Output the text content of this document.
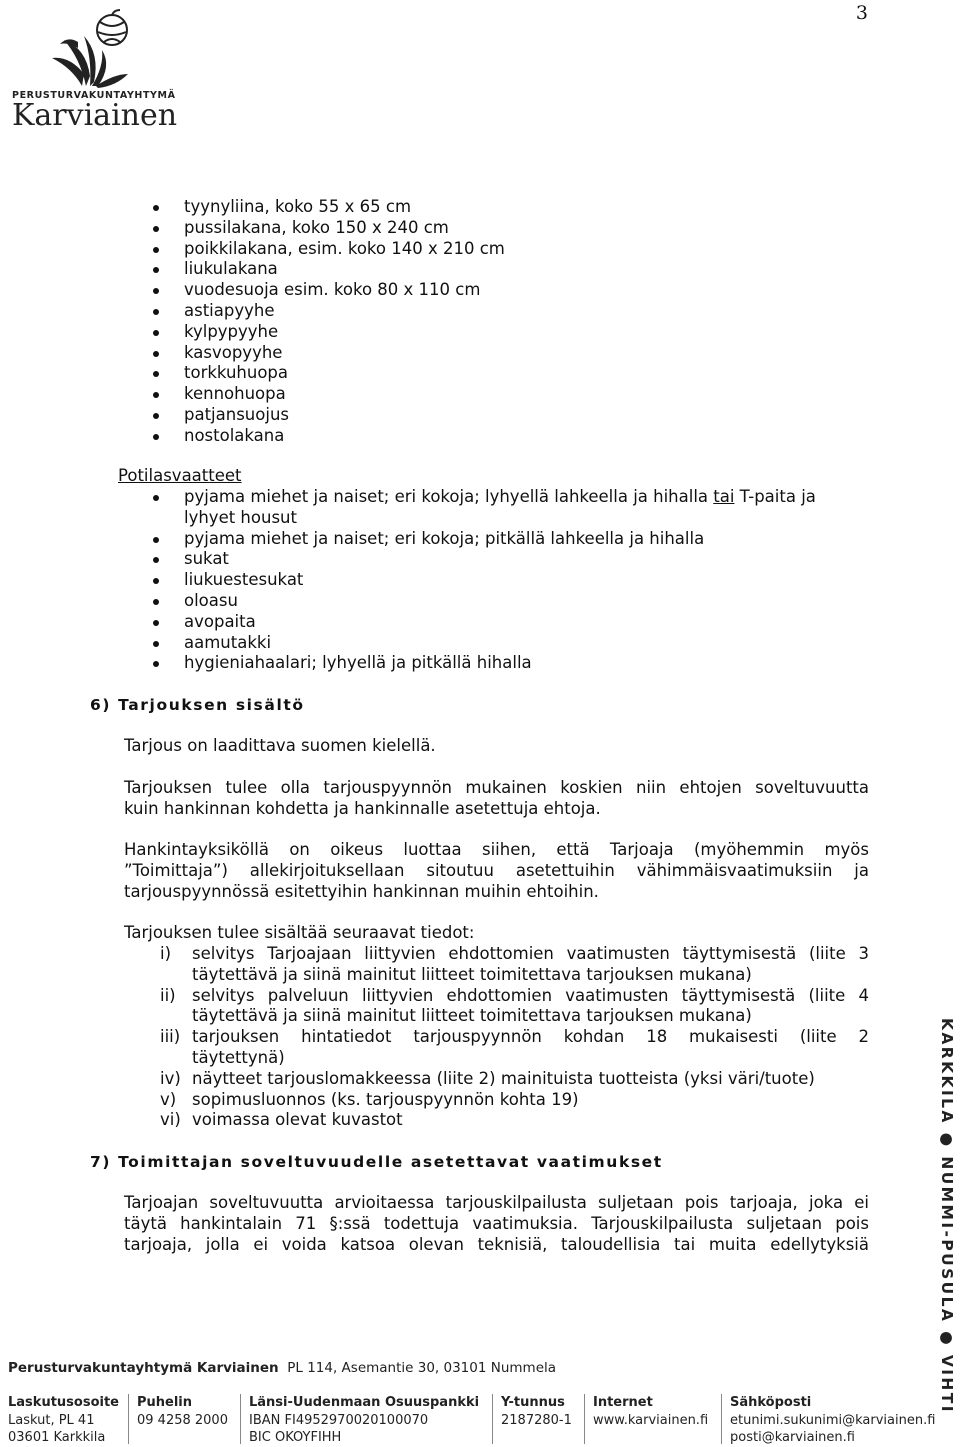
3
PERUSTURVAKUNTAYHTYMÄ
Karviainen
tyynyliina, koko 55 x 65 cm
pussilakana, koko 150 x 240 cm
poikkilakana, esim. koko 140 x 210 cm
liukulakana
vuodesuoja esim. koko 80 x 110 cm
astiapyyhe
kylpypyyhe
kasvopyyhe
torkkuhuopa
kennohuopa
patjansuojus
nostolakana
Potilasvaatteet
pyjama miehet ja naiset; eri kokoja; lyhyellä lahkeella ja hihalla tai T-paita ja
lyhyet housut
pyjama miehet ja naiset; eri kokoja; pitkällä lahkeella ja hihalla
sukat
liukuestesukat
oloasu
avopaita
aamutakki
hygieniahaalari; lyhyellä ja pitkällä hihalla
6) Tarjouksen sisältö

Tarjous on laadittava suomen kielellä.

Tarjouksen tulee olla tarjouspyynnön mukainen koskien niin ehtojen soveltuvuutta
kuin hankinnan kohdetta ja hankinnalle asetettuja ehtoja.

Hankintayksiköllä on oikeus luottaa siihen, että Tarjoaja (myöhemmin myös
”Toimittaja”) allekirjoituksellaan sitoutuu asetettuihin vähimmäisvaatimuksiin ja
tarjouspyynnössä esitettyihin hankinnan muihin ehtoihin.

Tarjouksen tulee sisältää seuraavat tiedot:

i)	selvitys Tarjoajaan liittyvien ehdottomien vaatimusten täyttymisestä (liite 3
täytettävä ja siinä mainitut liitteet toimitettava tarjouksen mukana)
ii) selvitys palveluun liittyvien ehdottomien vaatimusten täyttymisestä (liite 4
täytettävä ja siinä mainitut liitteet toimitettava tarjouksen mukana)
iii) tarjouksen hintatiedot tarjouspyynnön kohdan 18 mukaisesti (liite 2
täytettynä)
iv) näytteet tarjouslomakkeessa (liite 2) mainituista tuotteista (yksi väri/tuote)
v) sopimusluonnos (ks. tarjouspyynnön kohta 19)
vi) voimassa olevat kuvastot
7) Toimittajan soveltuvuudelle asetettavat vaatimukset

Tarjoajan soveltuvuutta arvioitaessa tarjouskilpailusta suljetaan pois tarjoaja, joka ei
täytä hankintalain 71 §:ssä todettuja vaatimuksia. Tarjouskilpailusta suljetaan pois
tarjoaja, jolla ei voida katsoa olevan teknisiä, taloudellisia tai muita edellytyksiä	KARKKILA ● NUMMI-PUSULA ● VIHTI
Perusturvakuntayhtymä Karviainen PL 114, Asemantie 30, 03101 Nummela
Laskutusosoite
Laskut, PL 41
03601 Karkkila
Puhelin
09 4258 2000
Länsi-Uudenmaan Osuuspankki
IBAN FI4952970020100070
BIC OKOYFIHH
Y-tunnus
2187280-1
Internet
www.karviainen.fi
Sähköposti
etunimi.sukunimi@karviainen.fi
posti@karviainen.fi
